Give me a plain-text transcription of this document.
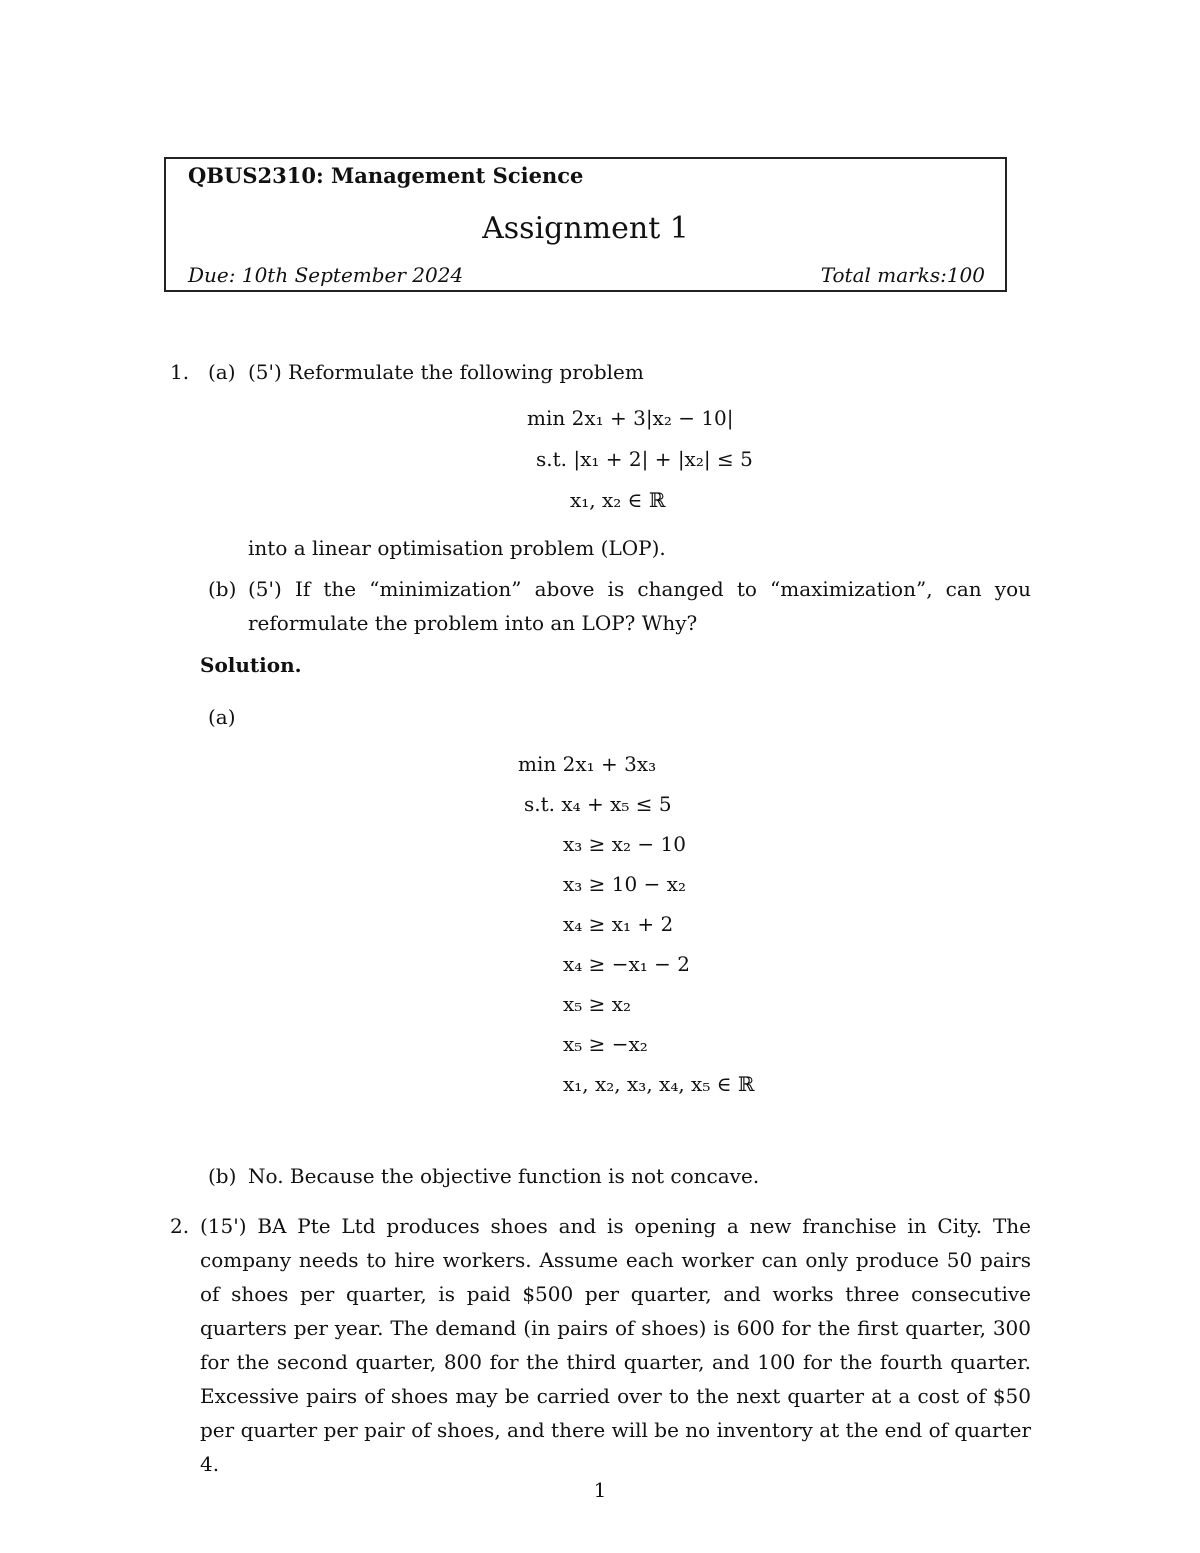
QBUS2310: Management Science
Assignment 1
Due: 10th September 2024	Total marks:100
1. (a) (5') Reformulate the following problem
min 2x₁ + 3|x₂ − 10|
s.t. |x₁ + 2| + |x₂| ≤ 5
x₁, x₂ ∈ ℝ
into a linear optimisation problem (LOP).
(b) (5') If the “minimization” above is changed to “maximization”, can you reformulate the problem into an LOP? Why?
Solution.
(a)
min 2x₁ + 3x₃
s.t. x₄ + x₅ ≤ 5
x₃ ≥ x₂ − 10
x₃ ≥ 10 − x₂
x₄ ≥ x₁ + 2
x₄ ≥ −x₁ − 2
x₅ ≥ x₂
x₅ ≥ −x₂
x₁, x₂, x₃, x₄, x₅ ∈ ℝ
(b) No. Because the objective function is not concave.
2. (15') BA Pte Ltd produces shoes and is opening a new franchise in City. The company needs to hire workers. Assume each worker can only produce 50 pairs of shoes per quarter, is paid $500 per quarter, and works three consecutive quarters per year. The demand (in pairs of shoes) is 600 for the first quarter, 300 for the second quarter, 800 for the third quarter, and 100 for the fourth quarter. Excessive pairs of shoes may be carried over to the next quarter at a cost of $50 per quarter per pair of shoes, and there will be no inventory at the end of quarter 4.
1
